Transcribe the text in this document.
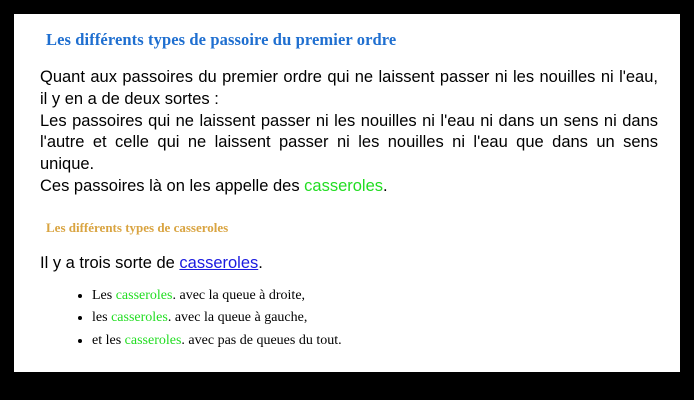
Les différents types de passoire du premier ordre

Quant aux passoires du premier ordre qui ne laissent passer ni les nouilles ni l'eau, il y en a de deux sortes :

Les passoires qui ne laissent passer ni les nouilles ni l'eau ni dans un sens ni dans l'autre et celle qui ne laissent passer ni les nouilles ni l'eau que dans un sens unique.

Ces passoires là on les appelle des casseroles.

Les différents types de casseroles

Il y a trois sorte de casseroles.

• Les casseroles. avec la queue à droite,
• les casseroles. avec la queue à gauche,
• et les casseroles. avec pas de queues du tout.
